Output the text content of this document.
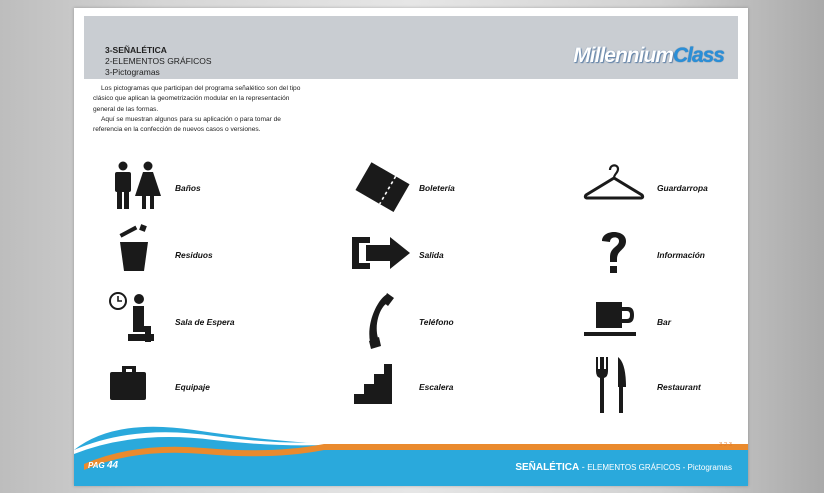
3-SEÑALÉTICA
2-ELEMENTOS GRÁFICOS
3-Pictogramas
MillenniumClass

Los pictogramas que participan del programa señalético son del tipo clásico que aplican la geometrización modular en la representación general de las formas.

Aquí se muestran algunos para su aplicación o para tomar de referencia en la confección de nuevos casos o versiones.

Baños	Boletería	Guardarropa
Residuos	Salida	Información
Sala de Espera	Teléfono	Bar
Equipaje	Escalera	Restaurant
PAG 44
3-2-3
SEÑALÉTICA - ELEMENTOS GRÁFICOS - Pictogramas
